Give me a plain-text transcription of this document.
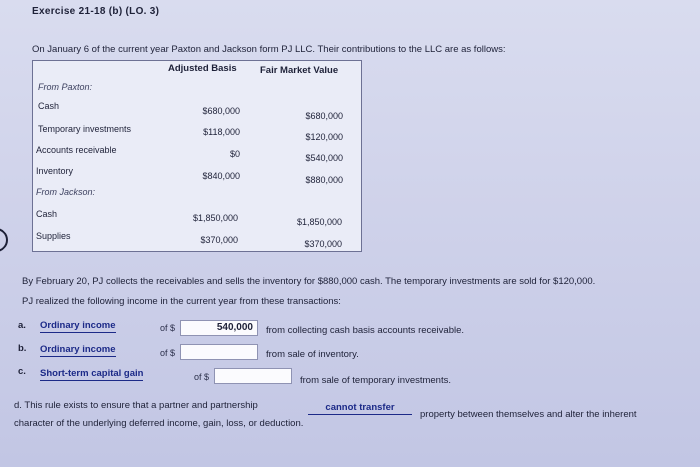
Exercise 21-18 (b) (LO. 3)
On January 6 of the current year Paxton and Jackson form PJ LLC. Their contributions to the LLC are as follows:
Adjusted Basis Fair Market Value
From Paxton:
Cash	$680,000	$680,000
Temporary investments	$118,000	$120,000
Accounts receivable	$0	$540,000
Inventory	$840,000	$880,000
From Jackson:
Cash	$1,850,000	$1,850,000
Supplies	$370,000	$370,000
By February 20, PJ collects the receivables and sells the inventory for $880,000 cash. The temporary investments are sold for $120,000.
PJ realized the following income in the current year from these transactions:
a. Ordinary income	of $	540,000	from collecting cash basis accounts receivable.
b. Ordinary income	of $	from sale of inventory.
c. Short-term capital gain	of $	from sale of temporary investments.
d. This rule exists to ensure that a partner and partnership	cannot transfer
property between themselves and alter the inherent
character of the underlying deferred income, gain, loss, or deduction.
